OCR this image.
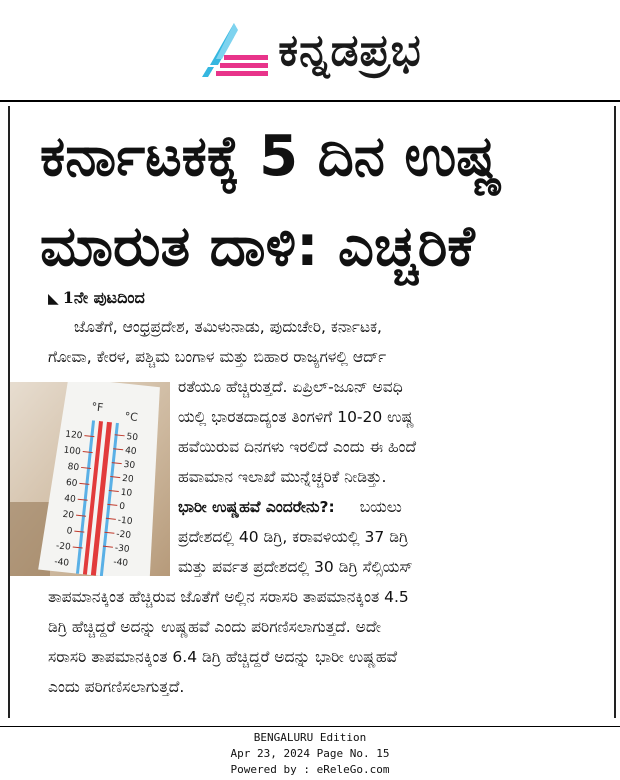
ಕನ್ನಡಪ್ರಭ
ಕರ್ನಾಟಕಕ್ಕೆ 5 ದಿನ ಉಷ್ಣ
ಮಾರುತ ದಾಳಿ: ಎಚ್ಚರಿಕೆ
◣ 1ನೇ ಪುಟದಿಂದ
°F
°C
120
100
80
60
40
20
0
-20
-40
50
40
30
20
10
0
-10
-20
-30
-40
ಜೊತೆಗೆ, ಆಂಧ್ರಪ್ರದೇಶ, ತಮಿಳುನಾಡು, ಪುದುಚೇರಿ, ಕರ್ನಾಟಕ,
ಗೋವಾ, ಕೇರಳ, ಪಶ್ಚಿಮ ಬಂಗಾಳ ಮತ್ತು ಬಿಹಾರ ರಾಜ್ಯಗಳಲ್ಲಿ ಆರ್ದ್
ರತೆಯೂ ಹೆಚ್ಚಿರುತ್ತದೆ. ಏಪ್ರಿಲ್-ಜೂನ್ ಅವಧಿ
ಯಲ್ಲಿ ಭಾರತದಾದ್ಯಂತ ತಿಂಗಳಿಗೆ 10-20 ಉಷ್ಣ
ಹವೆಯಿರುವ ದಿನಗಳು ಇರಲಿದೆ ಎಂದು ಈ ಹಿಂದೆ
ಹವಾಮಾನ ಇಲಾಖೆ ಮುನ್ನೆಚ್ಚರಿಕೆ ನೀಡಿತ್ತು.
ಭಾರೀ ಉಷ್ಣಹವೆ ಎಂದರೇನು?: ಬಯಲು
ಪ್ರದೇಶದಲ್ಲಿ 40 ಡಿಗ್ರಿ, ಕರಾವಳಿಯಲ್ಲಿ 37 ಡಿಗ್ರಿ
ಮತ್ತು ಪರ್ವತ ಪ್ರದೇಶದಲ್ಲಿ 30 ಡಿಗ್ರಿ ಸೆಲ್ಸಿಯಸ್
ತಾಪಮಾನಕ್ಕಿಂತ ಹೆಚ್ಚಿರುವ ಜೊತೆಗೆ ಅಲ್ಲಿನ ಸರಾಸರಿ ತಾಪಮಾನಕ್ಕಿಂತ 4.5
ಡಿಗ್ರಿ ಹೆಚ್ಚಿದ್ದರೆ ಅದನ್ನು ಉಷ್ಣಹವೆ ಎಂದು ಪರಿಗಣಿಸಲಾಗುತ್ತದೆ. ಅದೇ
ಸರಾಸರಿ ತಾಪಮಾನಕ್ಕಿಂತ 6.4 ಡಿಗ್ರಿ ಹೆಚ್ಚಿದ್ದರೆ ಅದನ್ನು ಭಾರೀ ಉಷ್ಣಹವೆ
ಎಂದು ಪರಿಗಣಿಸಲಾಗುತ್ತದೆ.
BENGALURU Edition
Apr 23, 2024 Page No. 15
Powered by : eReleGo.com
